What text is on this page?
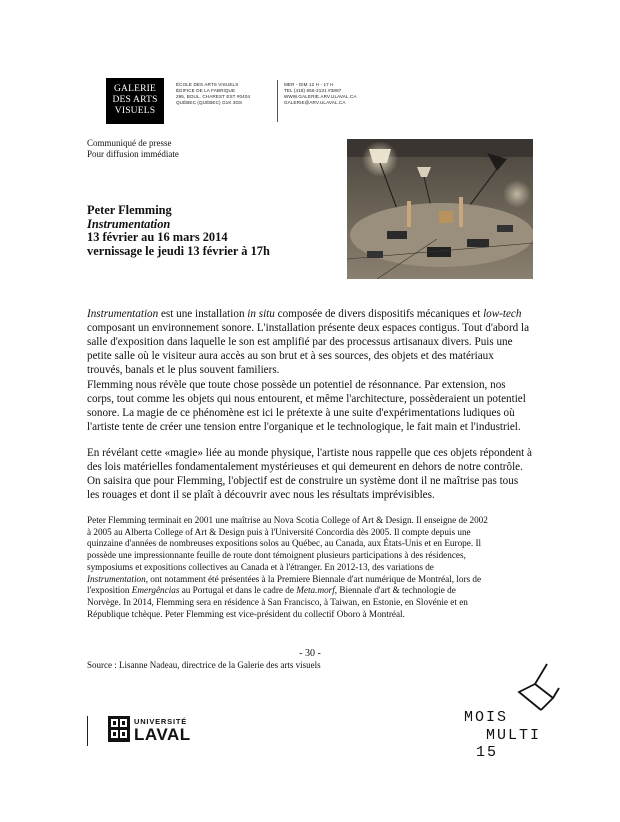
GALERIE
DES ARTS
VISUELS
ÉCOLE DES ARTS VISUELS
ÉDIFICE DE LA FABRIQUE
295, BOUL. CHAREST EST #0404
QUÉBEC (QUÉBEC) G1K 3G8
MER - DIM 12 H - 17 H
TEL (418) 656-2131 #3887
WWW.GALERIE.ARV.ULAVAL.CA
GALERIE@ARV.ULAVAL.CA
Communiqué de presse
Pour diffusion immédiate
Peter Flemming
Instrumentation
13 février au 16 mars 2014
vernissage le jeudi 13 février à 17h
Instrumentation est une installation in situ composée de divers dispositifs mécaniques et low-tech
composant un environnement sonore. L'installation présente deux espaces contigus. Tout d'abord la
salle d'exposition dans laquelle le son est amplifié par des processus artisanaux divers. Puis une
petite salle où le visiteur aura accès au son brut et à ses sources, des objets et des matériaux
trouvés, banals et le plus souvent familiers.
Flemming nous révèle que toute chose possède un potentiel de résonnance. Par extension, nos
corps, tout comme les objets qui nous entourent, et même l'architecture, possèderaient un potentiel
sonore. La magie de ce phénomène est ici le prétexte à une suite d'expérimentations ludiques où
l'artiste tente de créer une tension entre l'organique et le technologique, le fait main et l'industriel.
En révélant cette «magie» liée au monde physique, l'artiste nous rappelle que ces objets répondent à
des lois matérielles fondamentalement mystérieuses et qui demeurent en dehors de notre contrôle.
On saisira que pour Flemming, l'objectif est de construire un système dont il ne maîtrise pas tous
les rouages et dont il se plaît à découvrir avec nous les résultats imprévisibles.
Peter Flemming terminait en 2001 une maîtrise au Nova Scotia College of Art & Design. Il enseigne de 2002
à 2005 au Alberta College of Art & Design puis à l'Université Concordia dès 2005. Il compte depuis une
quinzaine d'années de nombreuses expositions solos au Québec, au Canada, aux États-Unis et en Europe. Il
possède une impressionnante feuille de route dont témoignent plusieurs participations à des résidences,
symposiums et expositions collectives au Canada et à l'étranger. En 2012-13, des variations de
Instrumentation, ont notamment été présentées à la Premiere Biennale d'art numérique de Montréal, lors de
l'exposition Emergências au Portugal et dans le cadre de Meta.morf, Biennale d'art & technologie de
Norvège. In 2014, Flemming sera en résidence à San Francisco, à Taiwan, en Estonie, en Slovénie et en
République tchèque. Peter Flemming est vice-président du collectif Oboro à Montréal.
- 30 -
Source : Lisanne Nadeau, directrice de la Galerie des arts visuels
UNIVERSITÉ
LAVAL
MOIS
MULTI
15
